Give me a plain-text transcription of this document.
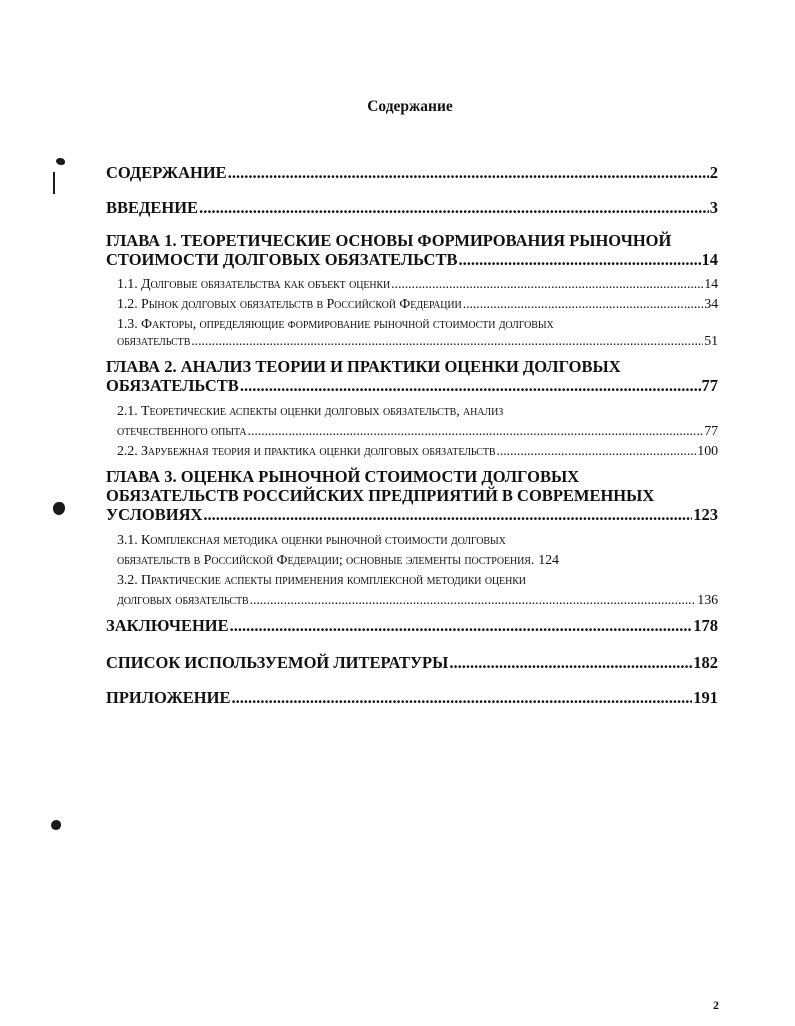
Содержание
СОДЕРЖАНИЕ .....	2
ВВЕДЕНИЕ .....	3
ГЛАВА 1. ТЕОРЕТИЧЕСКИЕ ОСНОВЫ ФОРМИРОВАНИЯ РЫНОЧНОЙ
СТОИМОСТИ ДОЛГОВЫХ ОБЯЗАТЕЛЬСТВ .....	14
1.1. Долговые обязательства как объект оценки .....	14
1.2. Рынок долговых обязательств в Российской Федерации .....	34
1.3. Факторы, определяющие формирование рыночной стоимости долговых
обязательств .....	51
ГЛАВА 2. АНАЛИЗ ТЕОРИИ И ПРАКТИКИ ОЦЕНКИ ДОЛГОВЫХ
ОБЯЗАТЕЛЬСТВ .....	77
2.1. Теоретические аспекты оценки долговых обязательств, анализ
отечественного опыта .....	77
2.2. Зарубежная теория и практика оценки долговых обязательств .....	100
ГЛАВА 3. ОЦЕНКА РЫНОЧНОЙ СТОИМОСТИ ДОЛГОВЫХ
ОБЯЗАТЕЛЬСТВ РОССИЙСКИХ ПРЕДПРИЯТИЙ В СОВРЕМЕННЫХ
УСЛОВИЯХ .....	123
3.1. Комплексная методика оценки рыночной стоимости долговых
обязательств в Российской Федерации; основные элементы построения. 124
3.2. Практические аспекты применения комплексной методики оценки
долговых обязательств .....	136
ЗАКЛЮЧЕНИЕ .....	178
СПИСОК ИСПОЛЬЗУЕМОЙ ЛИТЕРАТУРЫ .....	182
ПРИЛОЖЕНИЕ .....	191
2
